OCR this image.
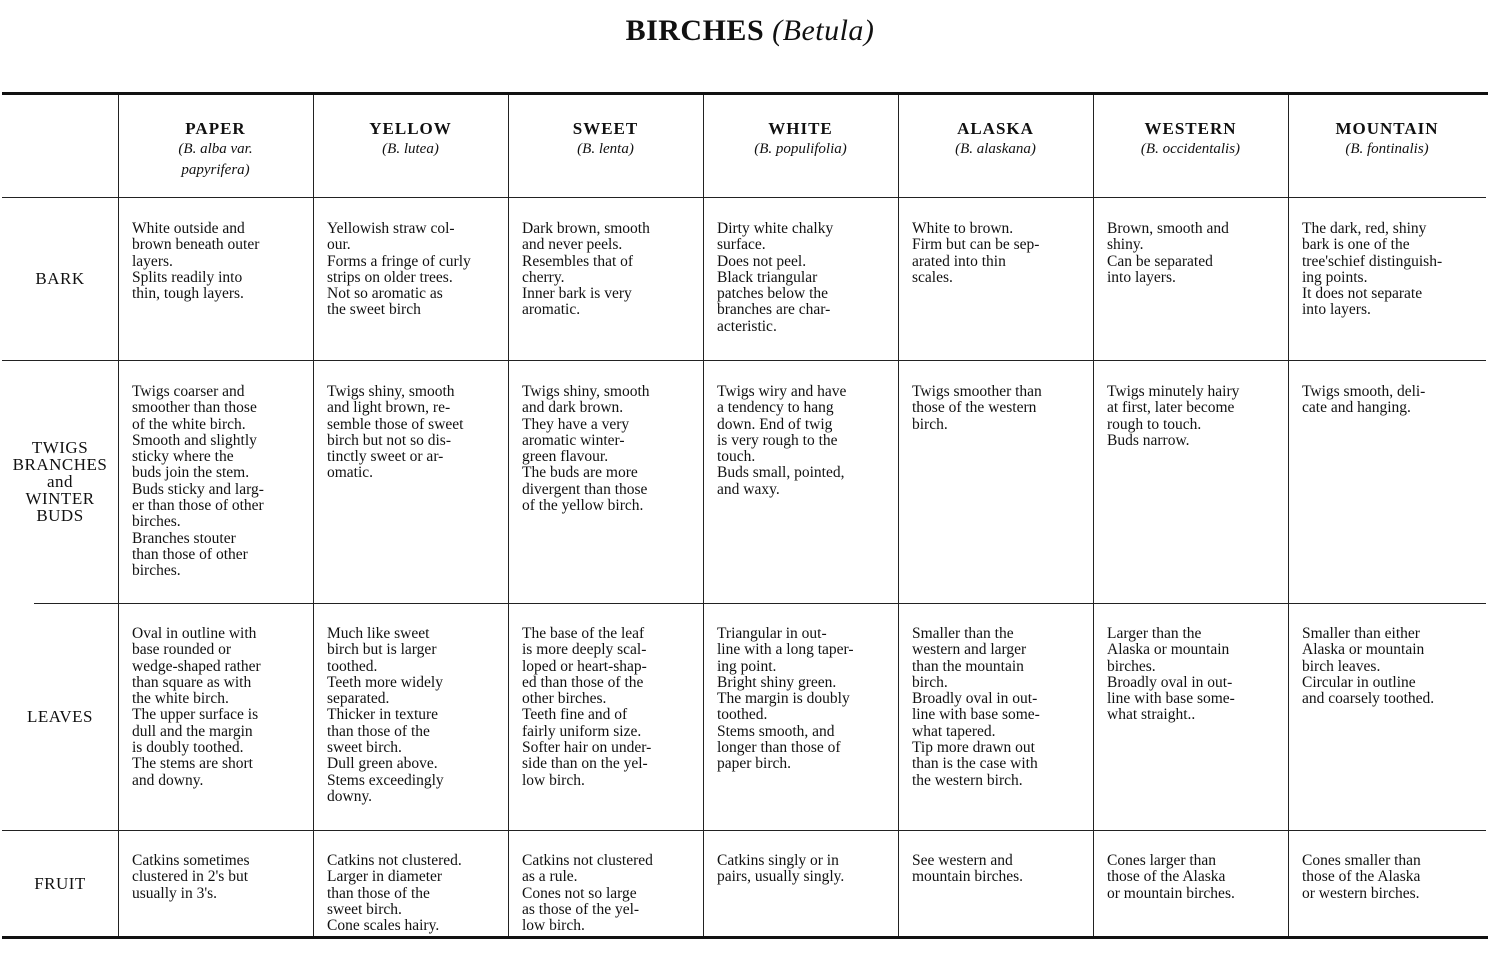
BIRCHES (Betula)
PAPER
(B. alba var.
papyrifera)
YELLOW
(B. lutea)
SWEET
(B. lenta)
WHITE
(B. populifolia)
ALASKA
(B. alaskana)
WESTERN
(B. occidentalis)
MOUNTAIN
(B. fontinalis)
BARK
White outside and
brown beneath outer
layers.
Splits readily into
thin, tough layers.
Yellowish straw col-
our.
Forms a fringe of curly
strips on older trees.
Not so aromatic as
the sweet birch
Dark brown, smooth
and never peels.
Resembles that of
cherry.
Inner bark is very
aromatic.
Dirty white chalky
surface.
Does not peel.
Black triangular
patches below the
branches are char-
acteristic.
White to brown.
Firm but can be sep-
arated into thin
scales.
Brown, smooth and
shiny.
Can be separated
into layers.
The dark, red, shiny
bark is one of the
tree'schief distinguish-
ing points.
It does not separate
into layers.
TWIGS
BRANCHES
and
WINTER
BUDS
Twigs coarser and
smoother than those
of the white birch.
Smooth and slightly
sticky where the
buds join the stem.
Buds sticky and larg-
er than those of other
birches.
Branches stouter
than those of other
birches.
Twigs shiny, smooth
and light brown, re-
semble those of sweet
birch but not so dis-
tinctly sweet or ar-
omatic.
Twigs shiny, smooth
and dark brown.
They have a very
aromatic winter-
green flavour.
The buds are more
divergent than those
of the yellow birch.
Twigs wiry and have
a tendency to hang
down. End of twig
is very rough to the
touch.
Buds small, pointed,
and waxy.
Twigs smoother than
those of the western
birch.
Twigs minutely hairy
at first, later become
rough to touch.
Buds narrow.
Twigs smooth, deli-
cate and hanging.
LEAVES
Oval in outline with
base rounded or
wedge-shaped rather
than square as with
the white birch.
The upper surface is
dull and the margin
is doubly toothed.
The stems are short
and downy.
Much like sweet
birch but is larger
toothed.
Teeth more widely
separated.
Thicker in texture
than those of the
sweet birch.
Dull green above.
Stems exceedingly
downy.
The base of the leaf
is more deeply scal-
loped or heart-shap-
ed than those of the
other birches.
Teeth fine and of
fairly uniform size.
Softer hair on under-
side than on the yel-
low birch.
Triangular in out-
line with a long taper-
ing point.
Bright shiny green.
The margin is doubly
toothed.
Stems smooth, and
longer than those of
paper birch.
Smaller than the
western and larger
than the mountain
birch.
Broadly oval in out-
line with base some-
what tapered.
Tip more drawn out
than is the case with
the western birch.
Larger than the
Alaska or mountain
birches.
Broadly oval in out-
line with base some-
what straight..
Smaller than either
Alaska or mountain
birch leaves.
Circular in outline
and coarsely toothed.
FRUIT
Catkins sometimes
clustered in 2's but
usually in 3's.
Catkins not clustered.
Larger in diameter
than those of the
sweet birch.
Cone scales hairy.
Catkins not clustered
as a rule.
Cones not so large
as those of the yel-
low birch.
Catkins singly or in
pairs, usually singly.
See western and
mountain birches.
Cones larger than
those of the Alaska
or mountain birches.
Cones smaller than
those of the Alaska
or western birches.
